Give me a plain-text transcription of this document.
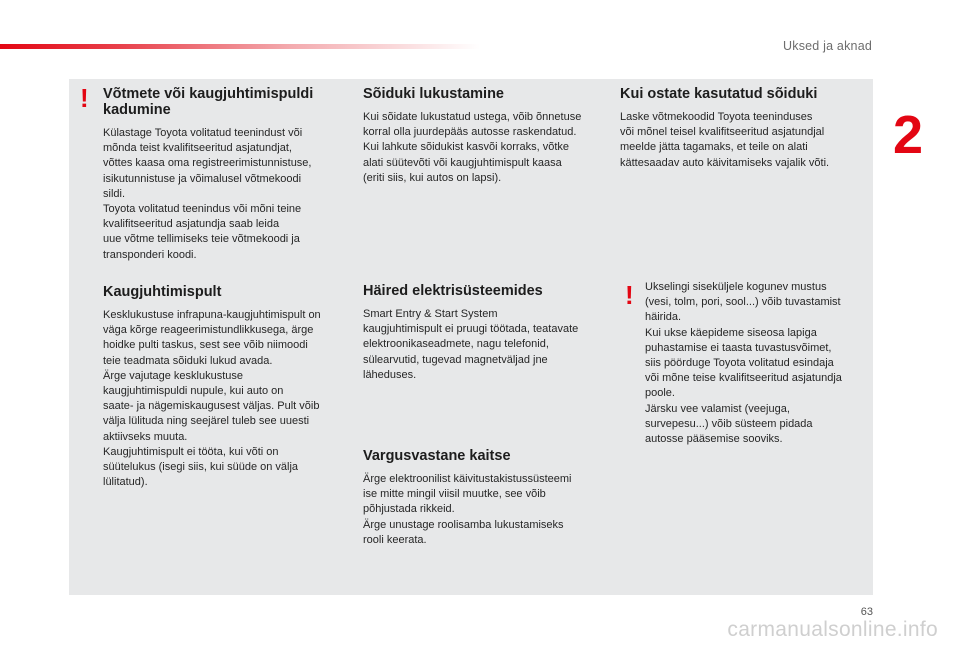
Uksed ja aknad
2
! Võtmete või kaugjuhtimispuldi kadumine

Külastage Toyota volitatud teenindust või
mõnda teist kvalifitseeritud asjatundjat,
võttes kaasa oma registreerimistunnistuse,
isikutunnistuse ja võimalusel võtmekoodi
sildi.
Toyota volitatud teenindus või mõni teine
kvalifitseeritud asjatundja saab leida
uue võtme tellimiseks teie võtmekoodi ja
transponderi koodi.

Kaugjuhtimispult

Kesklukustuse infrapuna-kaugjuhtimispult on
väga kõrge reageerimistundlikkusega, ärge
hoidke pulti taskus, sest see võib niimoodi
teie teadmata sõiduki lukud avada.
Ärge vajutage kesklukustuse
kaugjuhtimispuldi nupule, kui auto on
saate- ja nägemiskaugusest väljas. Pult võib
välja lülituda ning seejärel tuleb see uuesti
aktiivseks muuta.
Kaugjuhtimispult ei tööta, kui võti on
süütelukus (isegi siis, kui süüde on välja
lülitatud).

Sõiduki lukustamine

Kui sõidate lukustatud ustega, võib õnnetuse
korral olla juurdepääs autosse raskendatud.
Kui lahkute sõidukist kasvõi korraks, võtke
alati süütevõti või kaugjuhtimispult kaasa
(eriti siis, kui autos on lapsi).

Häired elektrisüsteemides

Smart Entry & Start System
kaugjuhtimispult ei pruugi töötada, teatavate
elektroonikaseadmete, nagu telefonid,
sülearvutid, tugevad magnetväljad jne
läheduses.

Vargusvastane kaitse

Ärge elektroonilist käivitustakistussüsteemi
ise mitte mingil viisil muutke, see võib
põhjustada rikkeid.
Ärge unustage roolisamba lukustamiseks
rooli keerata.

Kui ostate kasutatud sõiduki

Laske võtmekoodid Toyota teeninduses
või mõnel teisel kvalifitseeritud asjatundjal
meelde jätta tagamaks, et teile on alati
kättesaadav auto käivitamiseks vajalik võti.

! Ukselingi siseküljele kogunev mustus
(vesi, tolm, pori, sool...) võib tuvastamist
häirida.
Kui ukse käepideme siseosa lapiga
puhastamise ei taasta tuvastusvõimet,
siis pöörduge Toyota volitatud esindaja
või mõne teise kvalifitseeritud asjatundja
poole.
Järsku vee valamist (veejuga,
survepesu...) võib süsteem pidada
autosse pääsemise sooviks.

63
carmanualsonline.info
